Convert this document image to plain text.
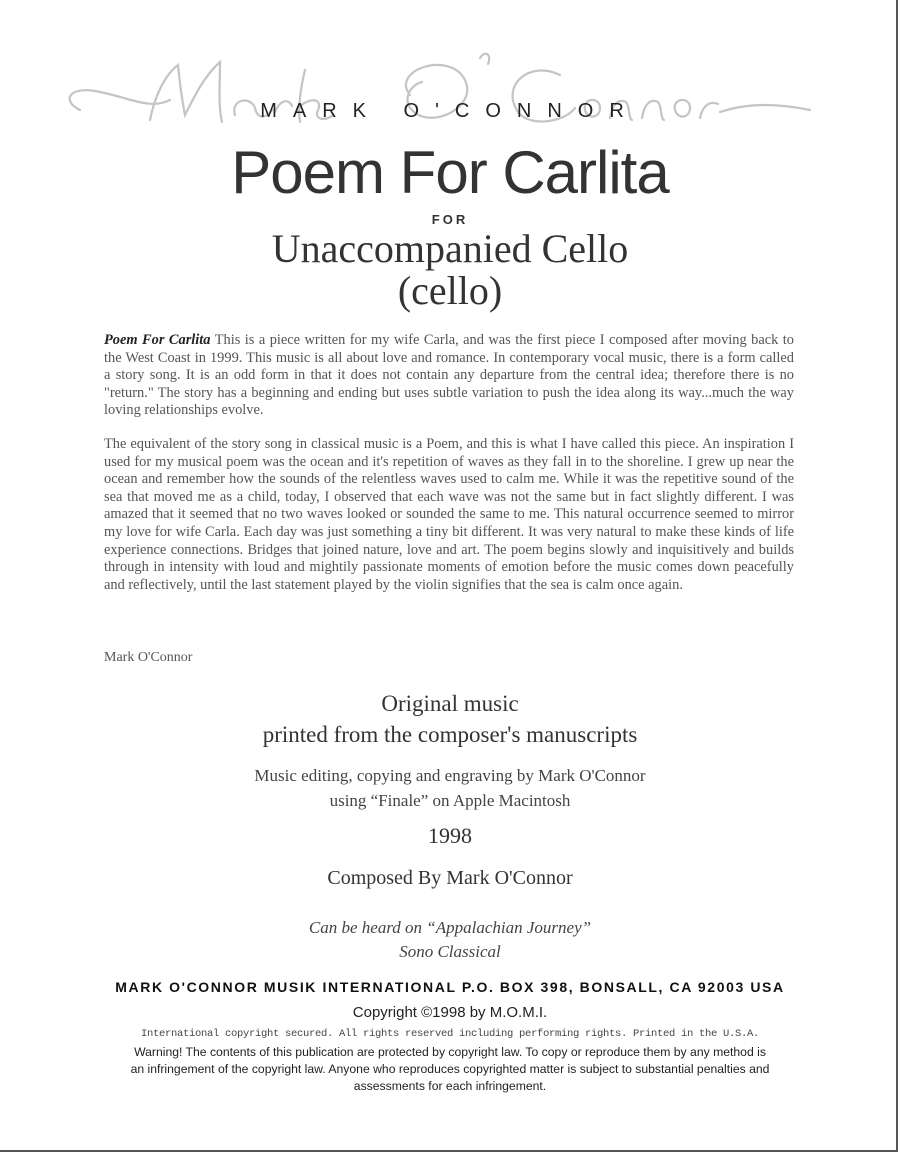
MARK O'CONNOR
Poem For Carlita
FOR
Unaccompanied Cello
(cello)

Poem For Carlita This is a piece written for my wife Carla, and was the first piece I composed after moving back to the West Coast in 1999. This music is all about love and romance. In contemporary vocal music, there is a form called a story song. It is an odd form in that it does not contain any departure from the central idea; therefore there is no "return." The story has a beginning and ending but uses subtle variation to push the idea along its way...much the way loving relationships evolve.

The equivalent of the story song in classical music is a Poem, and this is what I have called this piece. An inspiration I used for my musical poem was the ocean and it's repetition of waves as they fall in to the shoreline. I grew up near the ocean and remember how the sounds of the relentless waves used to calm me. While it was the repetitive sound of the sea that moved me as a child, today, I observed that each wave was not the same but in fact slightly different. I was amazed that it seemed that no two waves looked or sounded the same to me. This natural occurrence seemed to mirror my love for wife Carla. Each day was just something a tiny bit different. It was very natural to make these kinds of life experience connections. Bridges that joined nature, love and art. The poem begins slowly and inquisitively and builds through in intensity with loud and mightily passionate moments of emotion before the music comes down peacefully and reflectively, until the last statement played by the violin signifies that the sea is calm once again.

Mark O'Connor
Original music
printed from the composer's manuscripts
Music editing, copying and engraving by Mark O'Connor
using “Finale” on Apple Macintosh
1998
Composed By Mark O'Connor
Can be heard on “Appalachian Journey”
Sono Classical
MARK O'CONNOR MUSIK INTERNATIONAL P.O. BOX 398, BONSALL, CA 92003 USA
Copyright ©1998 by M.O.M.I.
International copyright secured. All rights reserved including performing rights. Printed in the U.S.A.
Warning! The contents of this publication are protected by copyright law. To copy or reproduce them by any method is
an infringement of the copyright law. Anyone who reproduces copyrighted matter is subject to substantial penalties and
assessments for each infringement.
